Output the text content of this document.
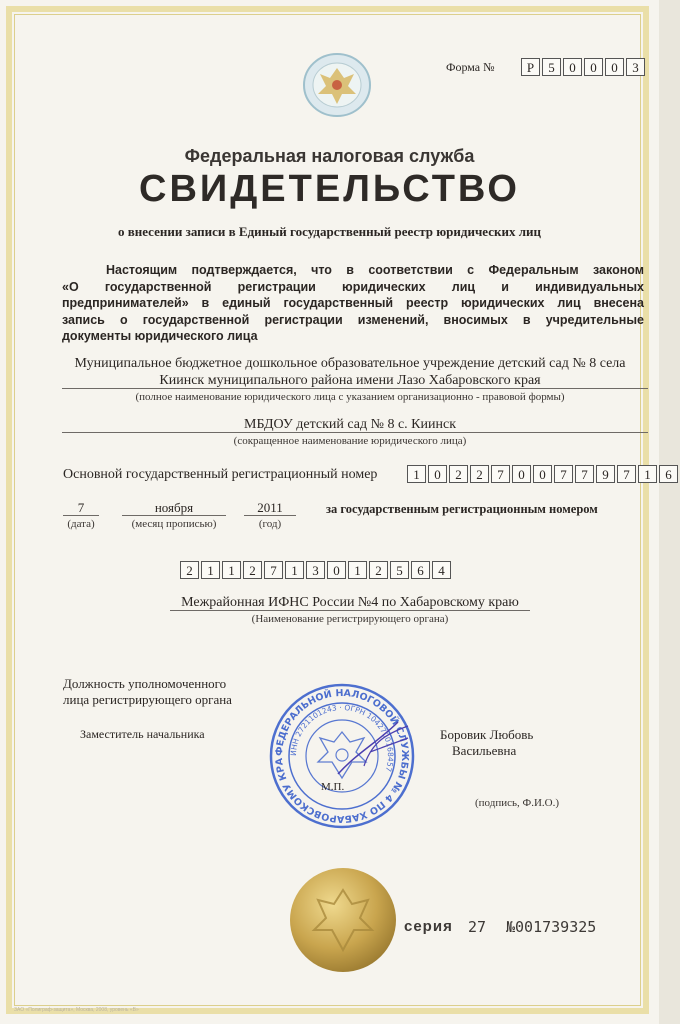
Форма №	Р 5 0 0 0 3
Федеральная налоговая служба
СВИДЕТЕЛЬСТВО
о внесении записи в Единый государственный реестр юридических лиц
Настоящим подтверждается, что в соответствии с Федеральным законом
«О государственной регистрации юридических лиц и индивидуальных
предпринимателей» в единый государственный реестр юридических лиц внесена
запись о государственной регистрации изменений, вносимых в учредительные
документы юридического лица
Муниципальное бюджетное дошкольное образовательное учреждение детский сад № 8 села
Киинск муниципального района имени Лазо Хабаровского края
(полное наименование юридического лица с указанием организационно - правовой формы)
МБДОУ детский сад № 8 с. Киинск
(сокращенное наименование юридического лица)
Основной государственный регистрационный номер	1 0 2 2 7 0 0 7 7 9 7 1 6
7
(дата)
ноября
(месяц прописью)
2011
(год)
за государственным регистрационным номером
2 1 1 2 7 1 3 0 1 2 5 6 4
Межрайонная ИФНС России №4 по Хабаровскому краю
(Наименование регистрирующего органа)
Должность уполномоченного
лица регистрирующего органа
Заместитель начальника	Боровик Любовь
Васильевна
(подпись, Ф.И.О.)
ФЕДЕРАЛЬНОЙ НАЛОГОВОЙ СЛУЖБЫ № 4 ПО ХАБАРОВСКОМУ КРА
ИНН 2721101243 · ОГРН 1042700168457
М.П.
серия 27 №001739325
ЗАО «Полиграф-защита», Москва, 2008, уровень «В»
